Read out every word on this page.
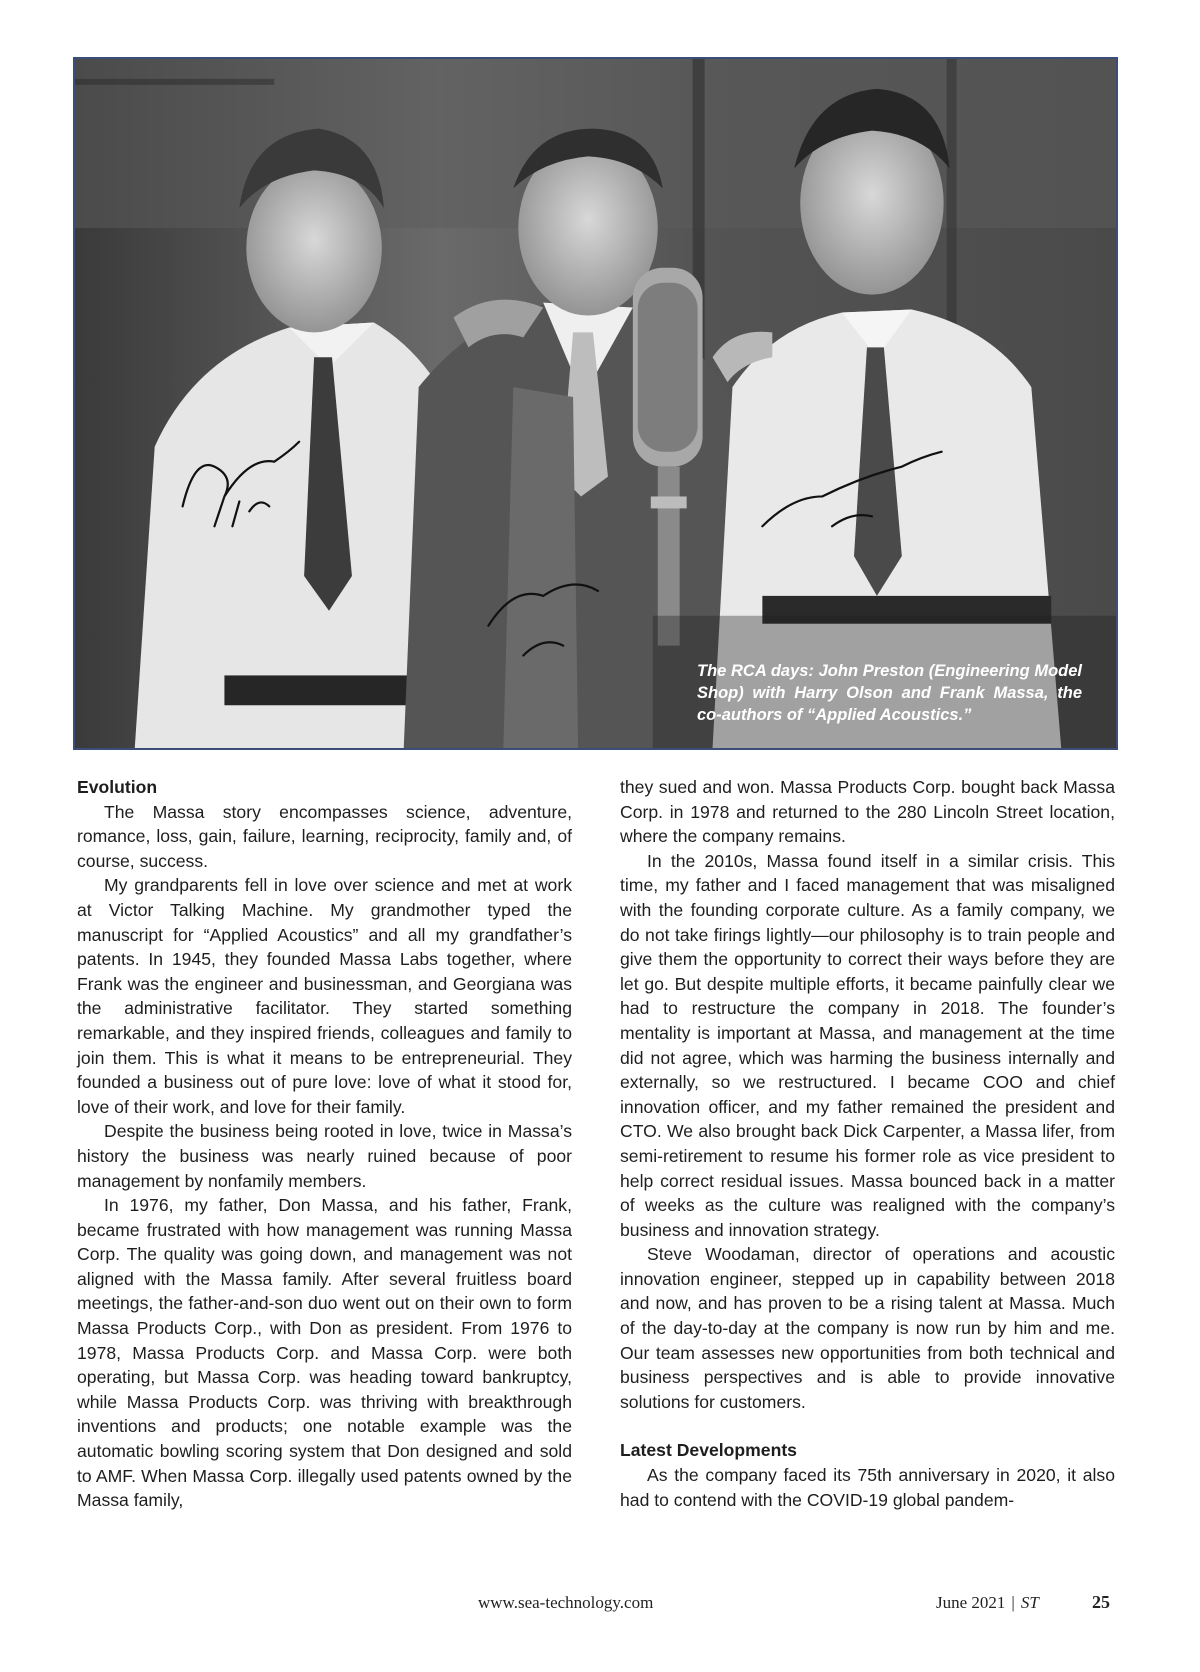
The RCA days: John Preston (Engineering Model Shop) with Harry Olson and Frank Massa, the co-authors of “Applied Acoustics.”

Evolution

The Massa story encompasses science, adventure, romance, loss, gain, failure, learning, reciprocity, family and, of course, success.

My grandparents fell in love over science and met at work at Victor Talking Machine. My grandmother typed the manuscript for “Applied Acoustics” and all my grandfather’s patents. In 1945, they founded Massa Labs together, where Frank was the engineer and businessman, and Georgiana was the administrative facilitator. They started something remarkable, and they inspired friends, colleagues and family to join them. This is what it means to be entrepreneurial. They founded a business out of pure love: love of what it stood for, love of their work, and love for their family.

Despite the business being rooted in love, twice in Massa’s history the business was nearly ruined because of poor management by nonfamily members.

In 1976, my father, Don Massa, and his father, Frank, became frustrated with how management was running Massa Corp. The quality was going down, and management was not aligned with the Massa family. After several fruitless board meetings, the father-and-son duo went out on their own to form Massa Products Corp., with Don as president. From 1976 to 1978, Massa Products Corp. and Massa Corp. were both operating, but Massa Corp. was heading toward bankruptcy, while Massa Products Corp. was thriving with breakthrough inventions and products; one notable example was the automatic bowling scoring system that Don designed and sold to AMF. When Massa Corp. illegally used patents owned by the Massa family,

they sued and won. Massa Products Corp. bought back Massa Corp. in 1978 and returned to the 280 Lincoln Street location, where the company remains.

In the 2010s, Massa found itself in a similar crisis. This time, my father and I faced management that was misaligned with the founding corporate culture. As a family company, we do not take firings lightly—our philosophy is to train people and give them the opportunity to correct their ways before they are let go. But despite multiple efforts, it became painfully clear we had to restructure the company in 2018. The founder’s mentality is important at Massa, and management at the time did not agree, which was harming the business internally and externally, so we restructured. I became COO and chief innovation officer, and my father remained the president and CTO. We also brought back Dick Carpenter, a Massa lifer, from semi-retirement to resume his former role as vice president to help correct residual issues. Massa bounced back in a matter of weeks as the culture was realigned with the company’s business and innovation strategy.

Steve Woodaman, director of operations and acoustic innovation engineer, stepped up in capability between 2018 and now, and has proven to be a rising talent at Massa. Much of the day-to-day at the company is now run by him and me. Our team assesses new opportunities from both technical and business perspectives and is able to provide innovative solutions for customers.

Latest Developments

As the company faced its 75th anniversary in 2020, it also had to contend with the COVID-19 global pandem-

www.sea-technology.com	June 2021 | ST	25
